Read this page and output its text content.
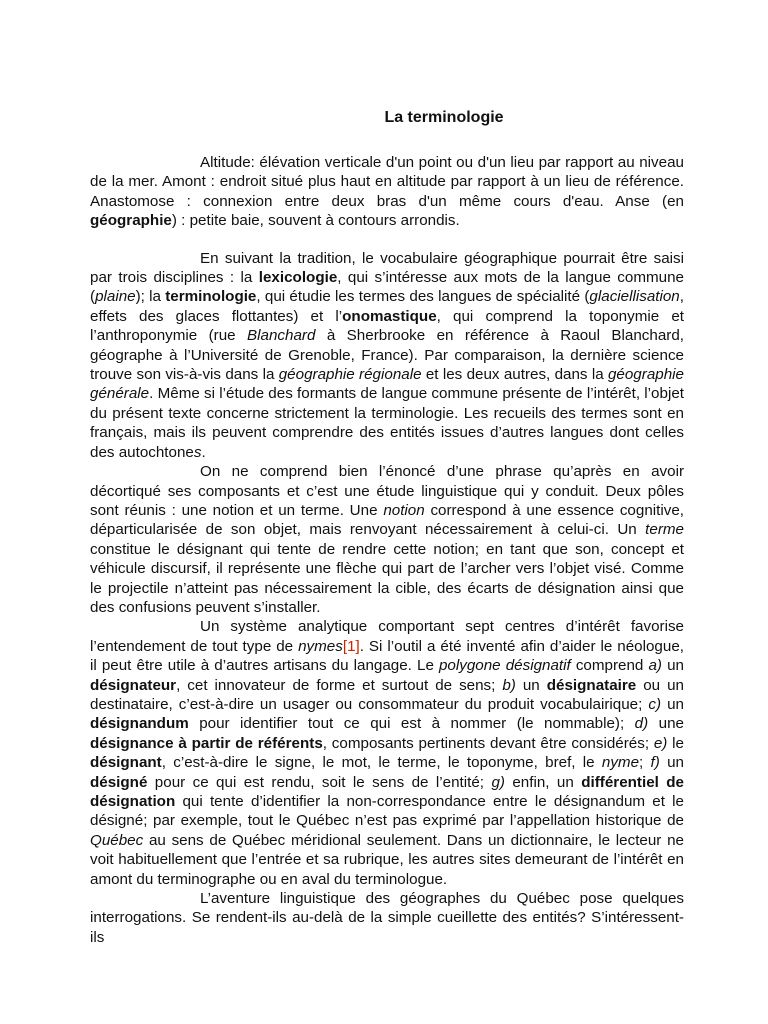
La terminologie

Altitude: élévation verticale d'un point ou d'un lieu par rapport au niveau de la mer. Amont : endroit situé plus haut en altitude par rapport à un lieu de référence. Anastomose : connexion entre deux bras d'un même cours d'eau. Anse (en géographie) : petite baie, souvent à contours arrondis.

En suivant la tradition, le vocabulaire géographique pourrait être saisi par trois disciplines : la lexicologie, qui s’intéresse aux mots de la langue commune (plaine); la terminologie, qui étudie les termes des langues de spécialité (glaciellisation, effets des glaces flottantes) et l’onomastique, qui comprend la toponymie et l’anthroponymie (rue Blanchard à Sherbrooke en référence à Raoul Blanchard, géographe à l’Université de Grenoble, France). Par comparaison, la dernière science trouve son vis-à-vis dans la géographie régionale et les deux autres, dans la géographie générale. Même si l’étude des formants de langue commune présente de l’intérêt, l’objet du présent texte concerne strictement la terminologie. Les recueils des termes sont en français, mais ils peuvent comprendre des entités issues d’autres langues dont celles des autochtones.

On ne comprend bien l’énoncé d’une phrase qu’après en avoir décortiqué ses composants et c’est une étude linguistique qui y conduit. Deux pôles sont réunis : une notion et un terme. Une notion correspond à une essence cognitive, départicularisée de son objet, mais renvoyant nécessairement à celui-ci. Un terme constitue le désignant qui tente de rendre cette notion; en tant que son, concept et véhicule discursif, il représente une flèche qui part de l’archer vers l’objet visé. Comme le projectile n’atteint pas nécessairement la cible, des écarts de désignation ainsi que des confusions peuvent s’installer.

Un système analytique comportant sept centres d’intérêt favorise l’entendement de tout type de nymes[1]. Si l’outil a été inventé afin d’aider le néologue, il peut être utile à d’autres artisans du langage. Le polygone désignatif comprend a) un désignateur, cet innovateur de forme et surtout de sens; b) un désignataire ou un destinataire, c’est-à-dire un usager ou consommateur du produit vocabulairique; c) un désignandum pour identifier tout ce qui est à nommer (le nommable); d) une désignance à partir de référents, composants pertinents devant être considérés; e) le désignant, c’est-à-dire le signe, le mot, le terme, le toponyme, bref, le nyme; f) un désigné pour ce qui est rendu, soit le sens de l’entité; g) enfin, un différentiel de désignation qui tente d’identifier la non-correspondance entre le désignandum et le désigné; par exemple, tout le Québec n’est pas exprimé par l’appellation historique de Québec au sens de Québec méridional seulement. Dans un dictionnaire, le lecteur ne voit habituellement que l’entrée et sa rubrique, les autres sites demeurant de l’intérêt en amont du terminographe ou en aval du terminologue.

L’aventure linguistique des géographes du Québec pose quelques interrogations. Se rendent-ils au-delà de la simple cueillette des entités? S’intéressent-ils
